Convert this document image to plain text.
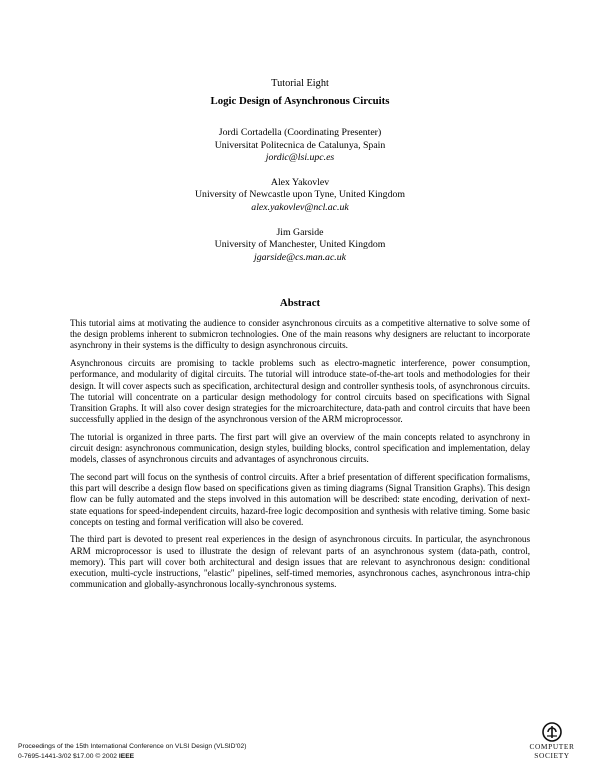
Tutorial Eight

Logic Design of Asynchronous Circuits

Jordi Cortadella (Coordinating Presenter)
Universitat Politecnica de Catalunya, Spain
jordic@lsi.upc.es
Alex Yakovlev
University of Newcastle upon Tyne, United Kingdom
alex.yakovlev@ncl.ac.uk
Jim Garside
University of Manchester, United Kingdom
jgarside@cs.man.ac.uk
Abstract

This tutorial aims at motivating the audience to consider asynchronous circuits as a competitive alternative to solve some of the design problems inherent to submicron technologies. One of the main reasons why designers are reluctant to incorporate asynchrony in their systems is the difficulty to design asynchronous circuits.

Asynchronous circuits are promising to tackle problems such as electro-magnetic interference, power consumption, performance, and modularity of digital circuits. The tutorial will introduce state-of-the-art tools and methodologies for their design. It will cover aspects such as specification, architectural design and controller synthesis tools, of asynchronous circuits. The tutorial will concentrate on a particular design methodology for control circuits based on specifications with Signal Transition Graphs. It will also cover design strategies for the microarchitecture, data-path and control circuits that have been successfully applied in the design of the asynchronous version of the ARM microprocessor.

The tutorial is organized in three parts. The first part will give an overview of the main concepts related to asynchrony in circuit design: asynchronous communication, design styles, building blocks, control specification and implementation, delay models, classes of asynchronous circuits and advantages of asynchronous circuits.

The second part will focus on the synthesis of control circuits. After a brief presentation of different specification formalisms, this part will describe a design flow based on specifications given as timing diagrams (Signal Transition Graphs). This design flow can be fully automated and the steps involved in this automation will be described: state encoding, derivation of next-state equations for speed-independent circuits, hazard-free logic decomposition and synthesis with relative timing. Some basic concepts on testing and formal verification will also be covered.

The third part is devoted to present real experiences in the design of asynchronous circuits. In particular, the asynchronous ARM microprocessor is used to illustrate the design of relevant parts of an asynchronous system (data-path, control, memory). This part will cover both architectural and design issues that are relevant to asynchronous design: conditional execution, multi-cycle instructions, "elastic" pipelines, self-timed memories, asynchronous caches, asynchronous intra-chip communication and globally-asynchronous locally-synchronous systems.

Proceedings of the 15th International Conference on VLSI Design (VLSID'02)
0-7695-1441-3/02 $17.00 © 2002 IEEE
COMPUTER
SOCIETY
